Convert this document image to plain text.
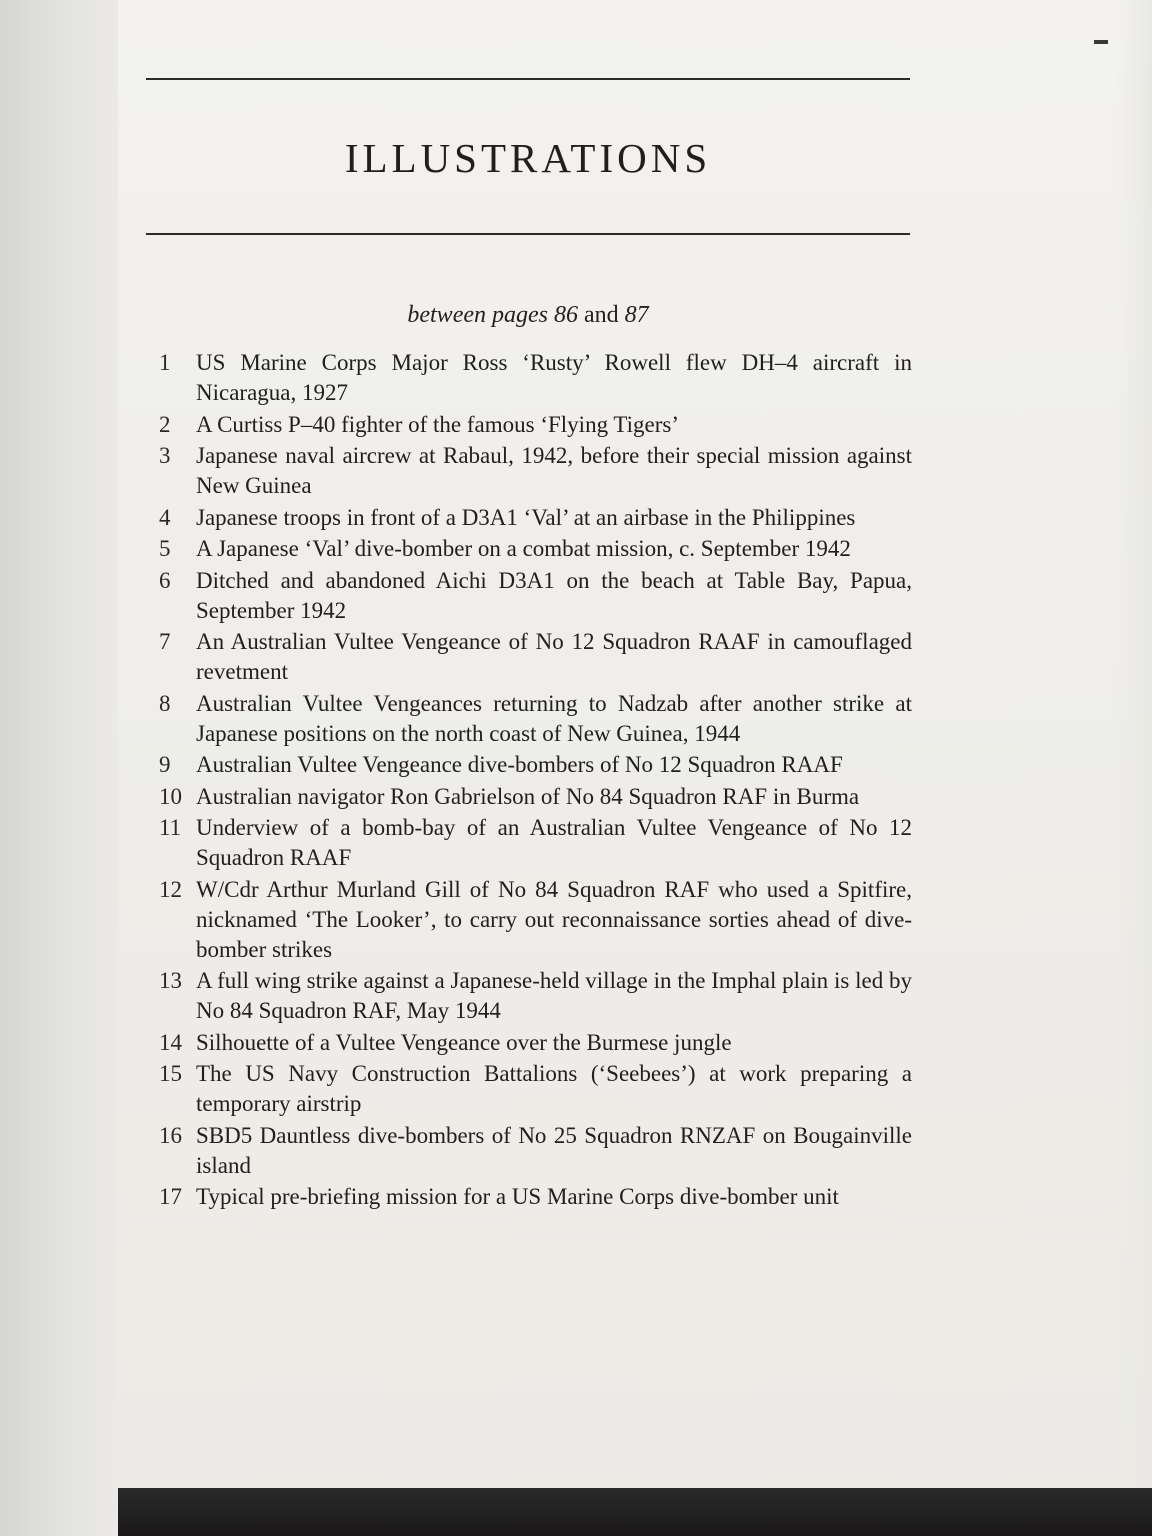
ILLUSTRATIONS
between pages 86 and 87
1	US Marine Corps Major Ross ‘Rusty’ Rowell flew DH–4 aircraft in Nicaragua, 1927
2	A Curtiss P–40 fighter of the famous ‘Flying Tigers’
3	Japanese naval aircrew at Rabaul, 1942, before their special mission against New Guinea
4	Japanese troops in front of a D3A1 ‘Val’ at an airbase in the Philippines
5	A Japanese ‘Val’ dive-bomber on a combat mission, c. September 1942
6	Ditched and abandoned Aichi D3A1 on the beach at Table Bay, Papua, September 1942
7	An Australian Vultee Vengeance of No 12 Squadron RAAF in camouflaged revetment
8	Australian Vultee Vengeances returning to Nadzab after another strike at Japanese positions on the north coast of New Guinea, 1944
9	Australian Vultee Vengeance dive-bombers of No 12 Squadron RAAF
10 Australian navigator Ron Gabrielson of No 84 Squadron RAF in Burma
11 Underview of a bomb-bay of an Australian Vultee Vengeance of No 12 Squadron RAAF
12 W/Cdr Arthur Murland Gill of No 84 Squadron RAF who used a Spitfire, nicknamed ‘The Looker’, to carry out reconnaissance sorties ahead of dive-bomber strikes
13 A full wing strike against a Japanese-held village in the Imphal plain is led by No 84 Squadron RAF, May 1944
14 Silhouette of a Vultee Vengeance over the Burmese jungle
15 The US Navy Construction Battalions (‘Seebees’) at work preparing a temporary airstrip
16 SBD5 Dauntless dive-bombers of No 25 Squadron RNZAF on Bougainville island
17 Typical pre-briefing mission for a US Marine Corps dive-bomber unit
